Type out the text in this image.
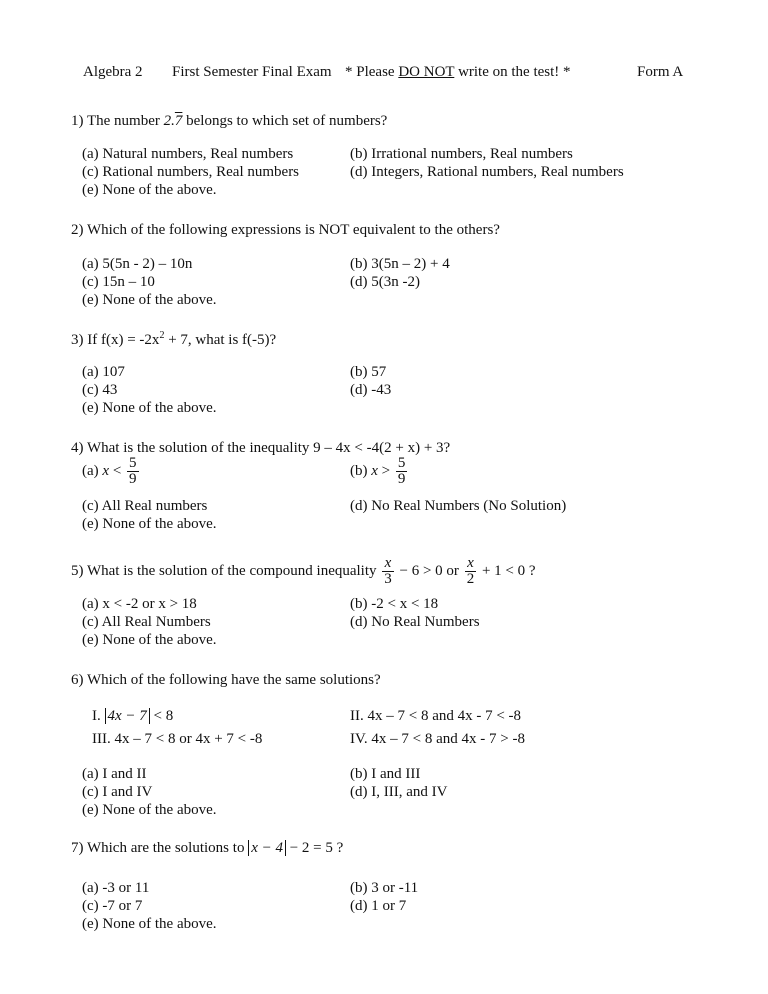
Algebra 2 First Semester Final Exam * Please DO NOT write on the test! *	Form A
1) The number 2.7 belongs to which set of numbers?
(a) Natural numbers, Real numbers	(b) Irrational numbers, Real numbers
(c) Rational numbers, Real numbers	(d) Integers, Rational numbers, Real numbers
(e) None of the above.
2) Which of the following expressions is NOT equivalent to the others?
(a) 5(5n - 2) – 10n	(b) 3(5n – 2) + 4
(c) 15n – 10	(d) 5(3n -2)
(e) None of the above.
3) If $f(x) = -2x^2 + 7$, what is f(-5)?
(a) 107	(b) 57
(c) 43	(d) -43
(e) None of the above.
4) What is the solution of the inequality 9 – 4x < -4(2 + x) + 3?
(a) $x < \frac{5}{9}$	(b) $x > \frac{5}{9}$
(c) All Real numbers	(d) No Real Numbers (No Solution)
(e) None of the above.
5) What is the solution of the compound inequality $\frac{x}{3} - 6 > 0$ or $\frac{x}{2} + 1 < 0$ ?
(a) x < -2 or x > 18	(b) -2 < x < 18
(c) All Real Numbers	(d) No Real Numbers
(e) None of the above.
6) Which of the following have the same solutions?
I. 4x − 7 < 8	II. 4x – 7 < 8 and 4x - 7 < -8
III. 4x – 7 < 8 or 4x + 7 < -8	IV. 4x – 7 < 8 and 4x - 7 > -8
(a) I and II	(b) I and III
(c) I and IV	(d) I, III, and IV
(e) None of the above.
7) Which are the solutions to x − 4 − 2 = 5 ?
(a) -3 or 11	(b) 3 or -11
(c) -7 or 7	(d) 1 or 7
(e) None of the above.
